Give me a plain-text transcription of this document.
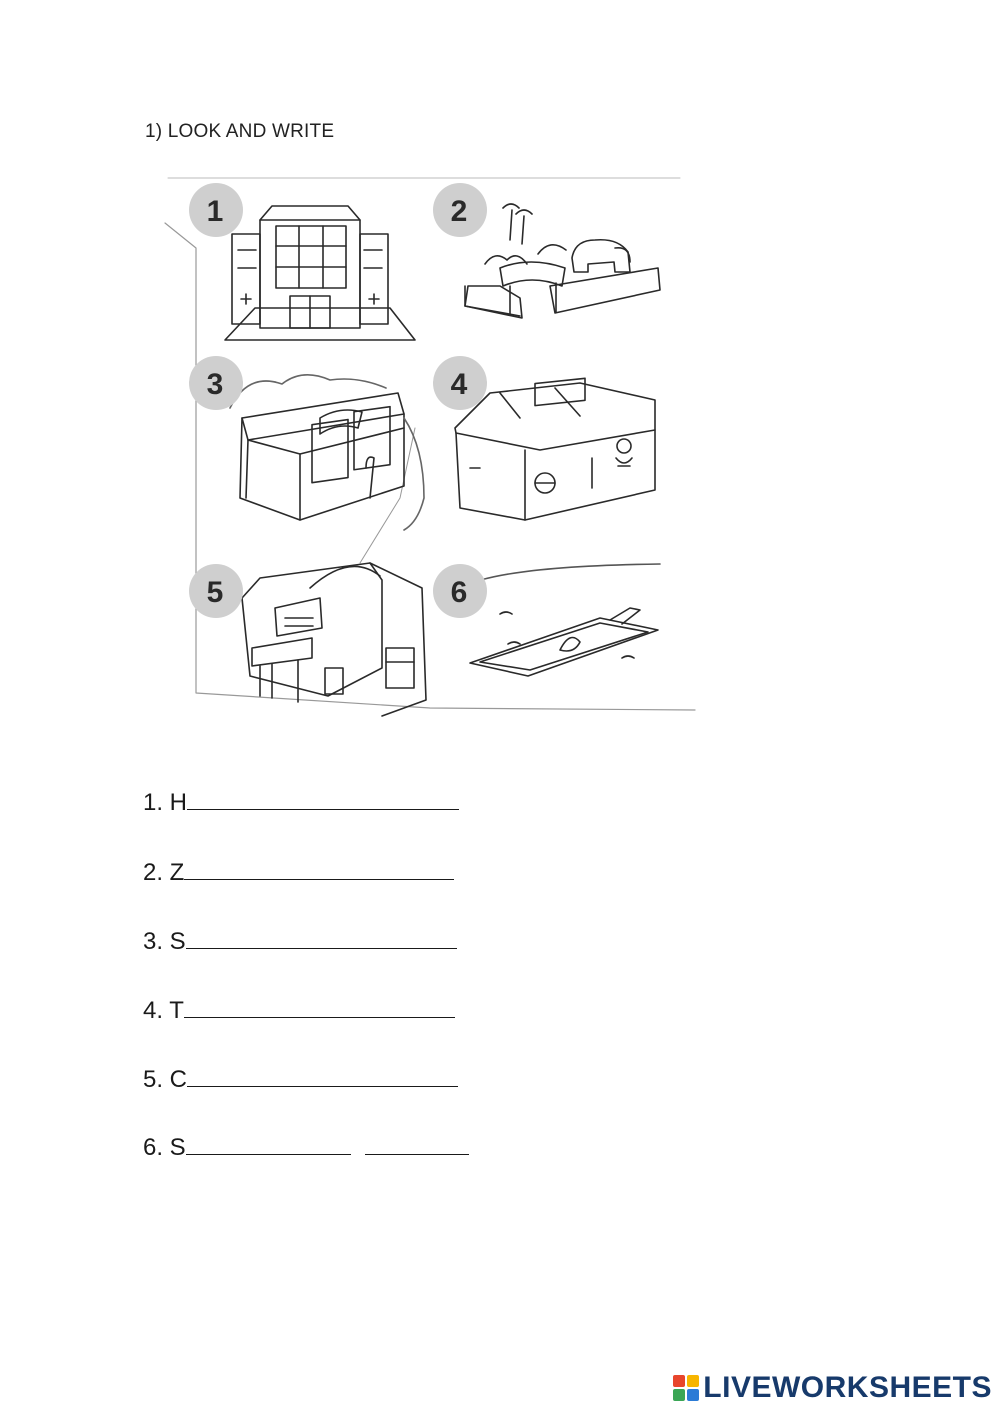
1) LOOK AND WRITE
1	2
3	4
5	6
1. H
2. Z
3. S
4. T
5. C
6. S
LIVEWORKSHEETS
